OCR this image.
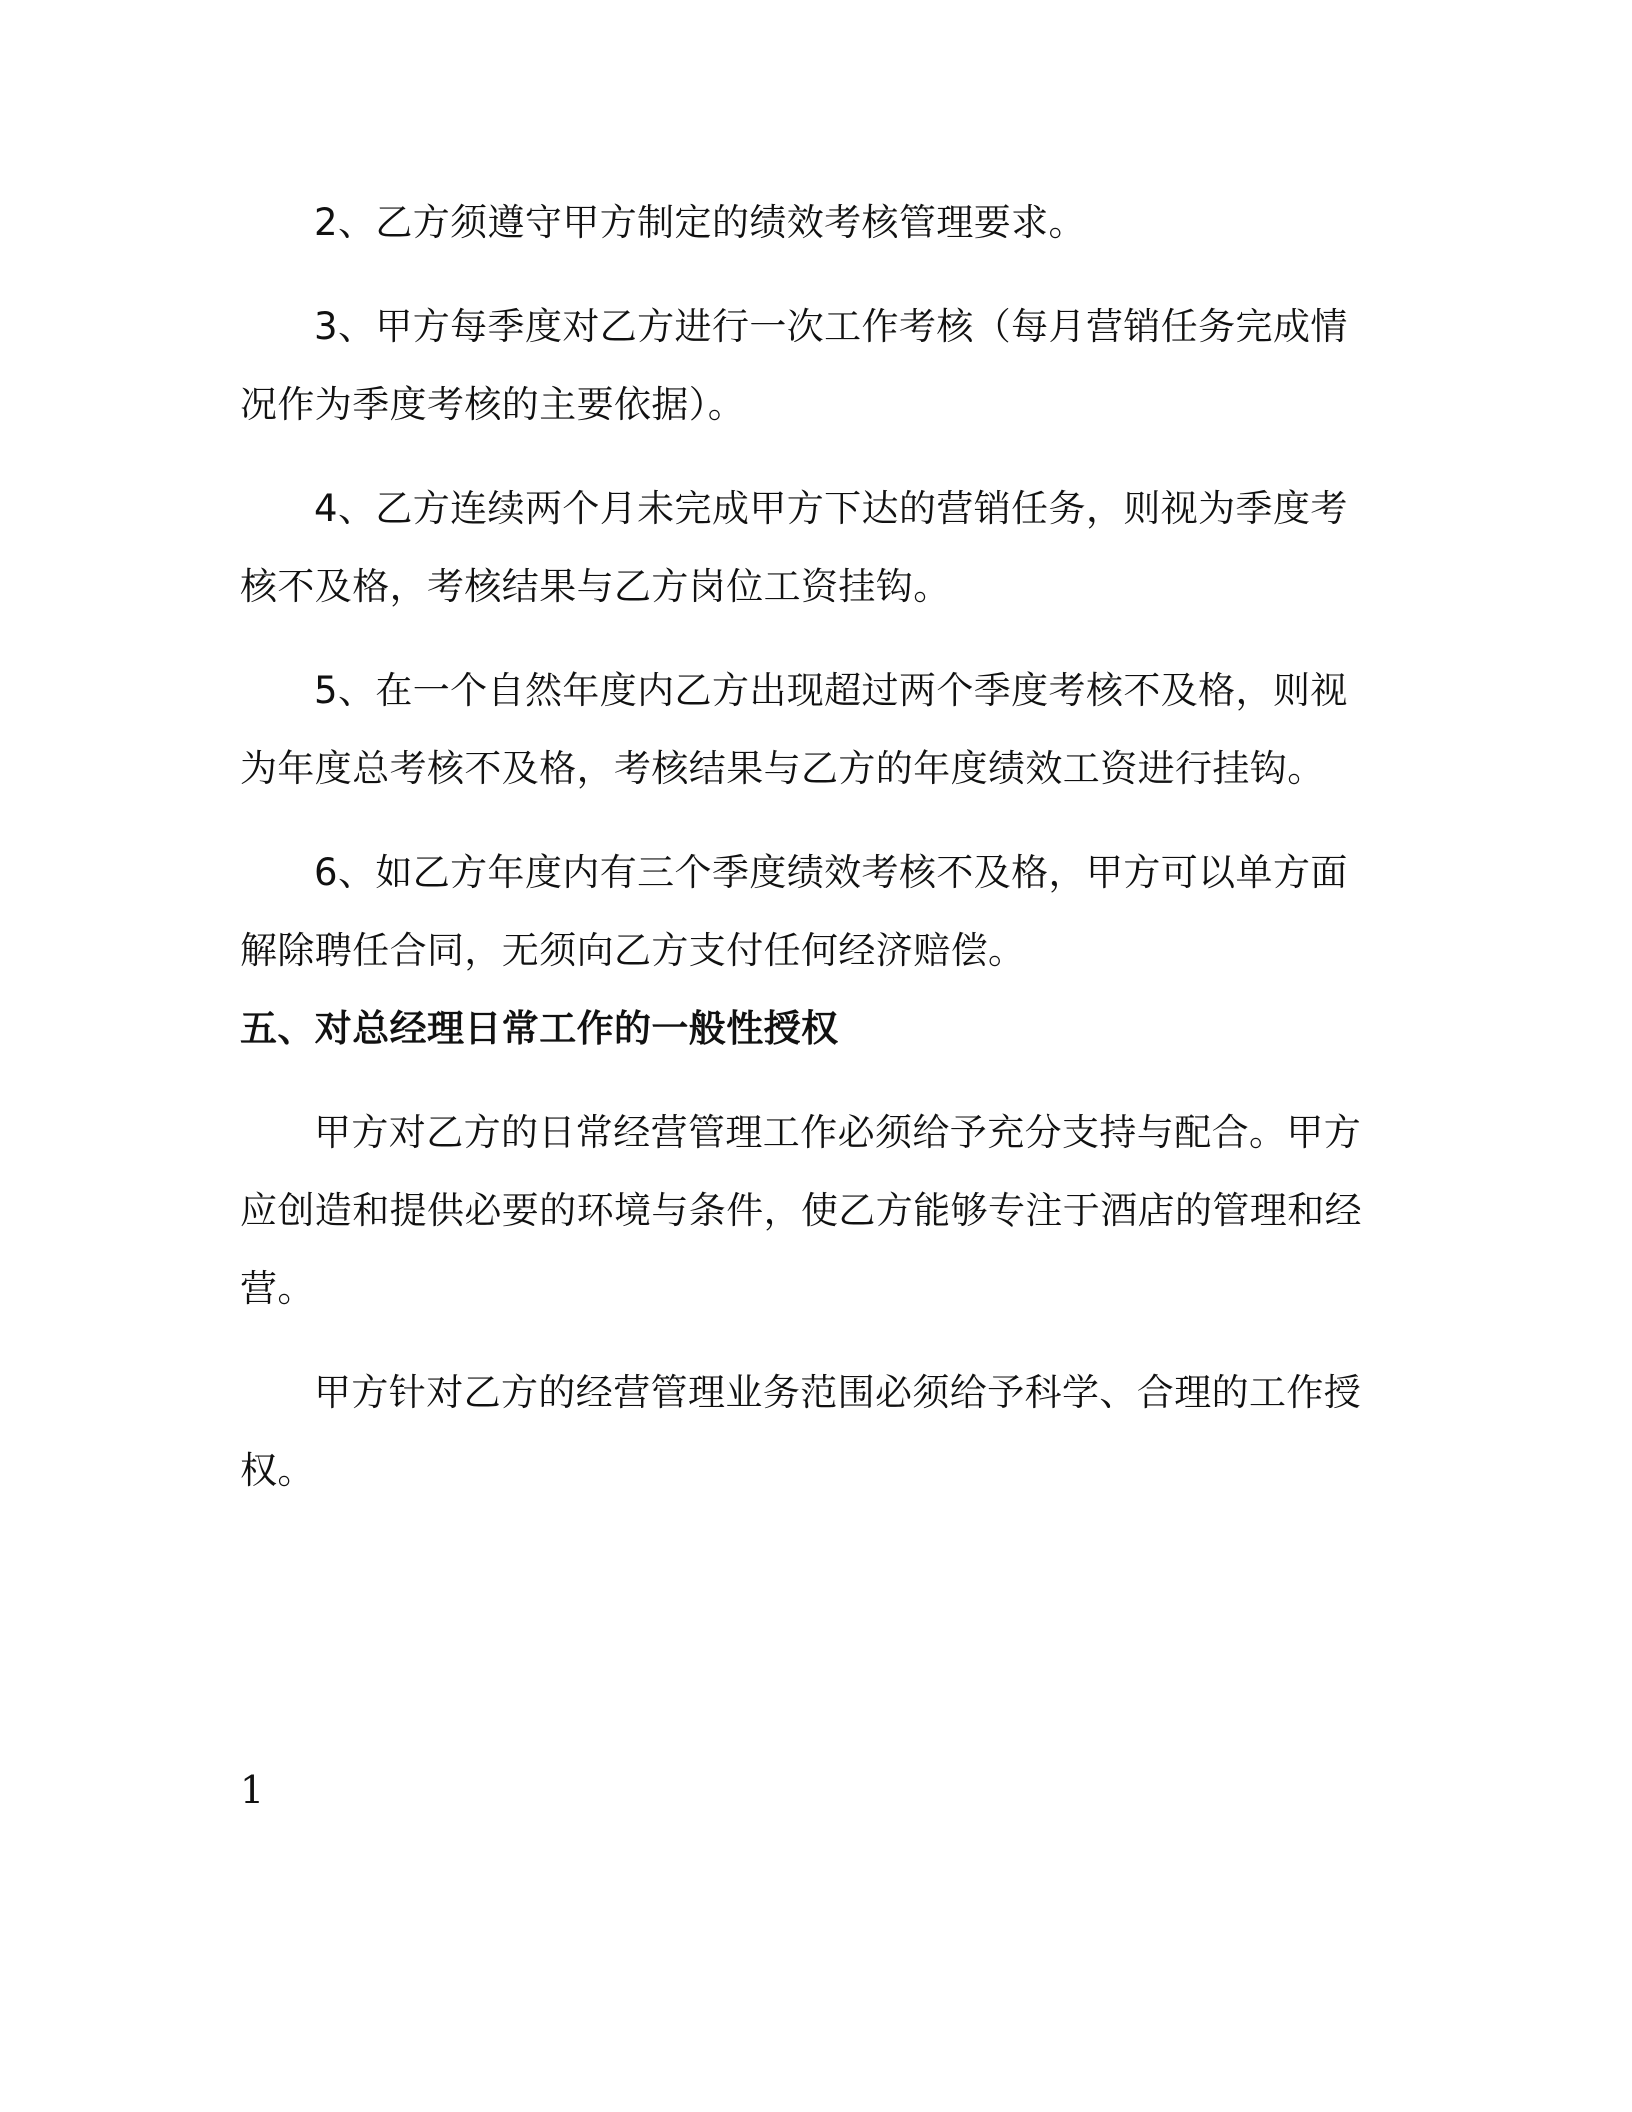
2、乙方须遵守甲方制定的绩效考核管理要求。

3、甲方每季度对乙方进行一次工作考核（每月营销任务完成情况作为季度考核的主要依据）。

4、乙方连续两个月未完成甲方下达的营销任务，则视为季度考核不及格，考核结果与乙方岗位工资挂钩。

5、在一个自然年度内乙方出现超过两个季度考核不及格，则视为年度总考核不及格，考核结果与乙方的年度绩效工资进行挂钩。

6、如乙方年度内有三个季度绩效考核不及格，甲方可以单方面解除聘任合同，无须向乙方支付任何经济赔偿。

五、对总经理日常工作的一般性授权

甲方对乙方的日常经营管理工作必须给予充分支持与配合。甲方应创造和提供必要的环境与条件，使乙方能够专注于酒店的管理和经营。

甲方针对乙方的经营管理业务范围必须给予科学、合理的工作授权。

1
